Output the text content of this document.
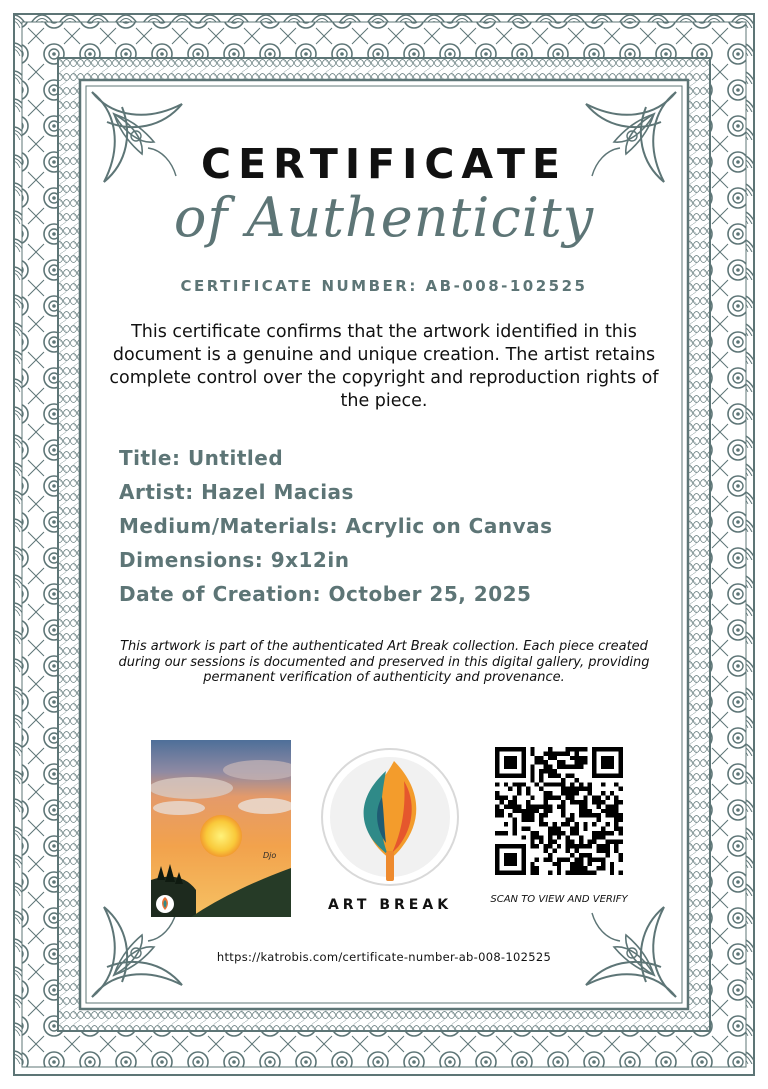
CERTIFICATE
of Authenticity
CERTIFICATE NUMBER: AB-008-102525
This certificate confirms that the artwork identified in this document is a genuine and unique creation. The artist retains complete control over the copyright and reproduction rights of the piece.
Title: Untitled
Artist: Hazel Macias
Medium/Materials: Acrylic on Canvas
Dimensions: 9x12in
Date of Creation: October 25, 2025
This artwork is part of the authenticated Art Break collection. Each piece created during our sessions is documented and preserved in this digital gallery, providing permanent verification of authenticity and provenance.
Djo
ART BREAK	SCAN TO VIEW AND VERIFY
https://katrobis.com/certificate-number-ab-008-102525
